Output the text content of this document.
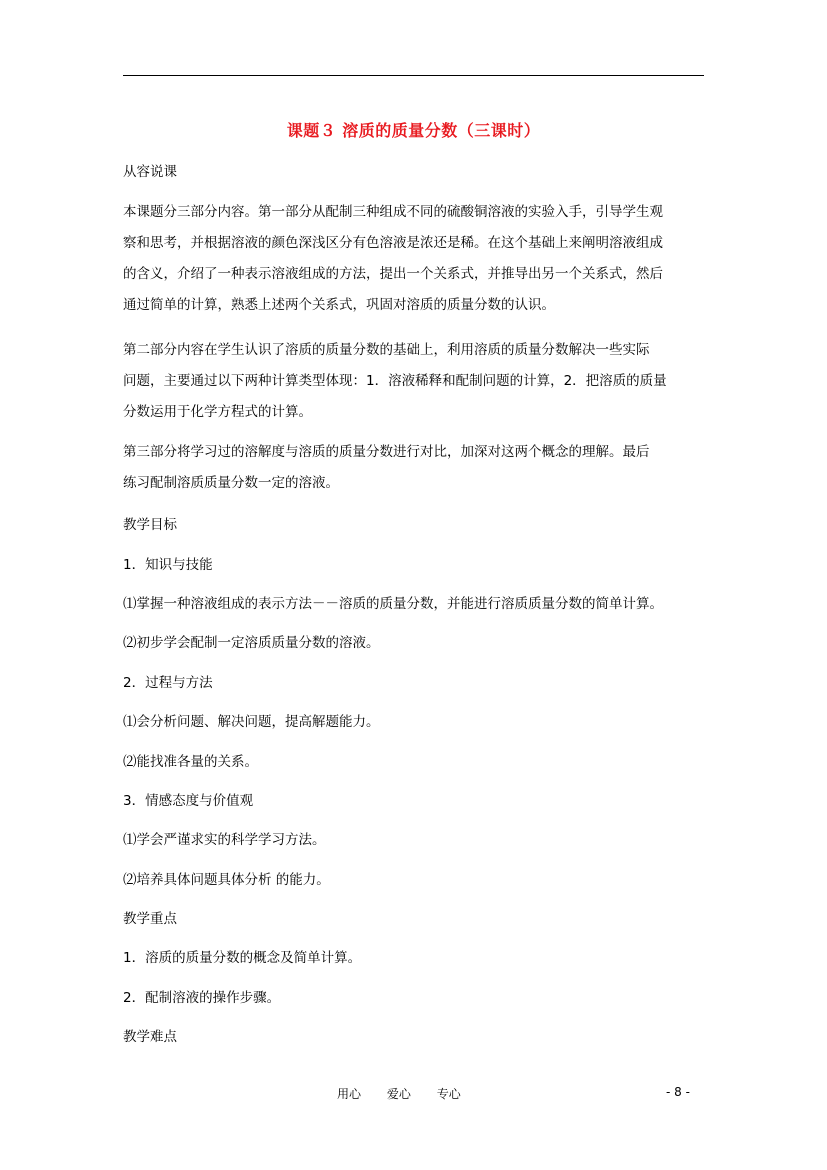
课题３ 溶质的质量分数（三课时）
从容说课
本课题分三部分内容。第一部分从配制三种组成不同的硫酸铜溶液的实验入手，引导学生观
察和思考，并根据溶液的颜色深浅区分有色溶液是浓还是稀。在这个基础上来阐明溶液组成
的含义，介绍了一种表示溶液组成的方法，提出一个关系式，并推导出另一个关系式，然后
通过简单的计算，熟悉上述两个关系式，巩固对溶质的质量分数的认识。
第二部分内容在学生认识了溶质的质量分数的基础上，利用溶质的质量分数解决一些实际
问题，主要通过以下两种计算类型体现：1．溶液稀释和配制问题的计算，2．把溶质的质量
分数运用于化学方程式的计算。
第三部分将学习过的溶解度与溶质的质量分数进行对比，加深对这两个概念的理解。最后
练习配制溶质质量分数一定的溶液。
教学目标
1．知识与技能
⑴掌握一种溶液组成的表示方法－－溶质的质量分数，并能进行溶质质量分数的简单计算。
⑵初步学会配制一定溶质质量分数的溶液。
2．过程与方法
⑴会分析问题、解决问题，提高解题能力。
⑵能找准各量的关系。
3．情感态度与价值观
⑴学会严谨求实的科学学习方法。
⑵培养具体问题具体分析 的能力。
教学重点
1．溶质的质量分数的概念及简单计算。
2．配制溶液的操作步骤。
教学难点
用心 爱心 专心	- 8 -
